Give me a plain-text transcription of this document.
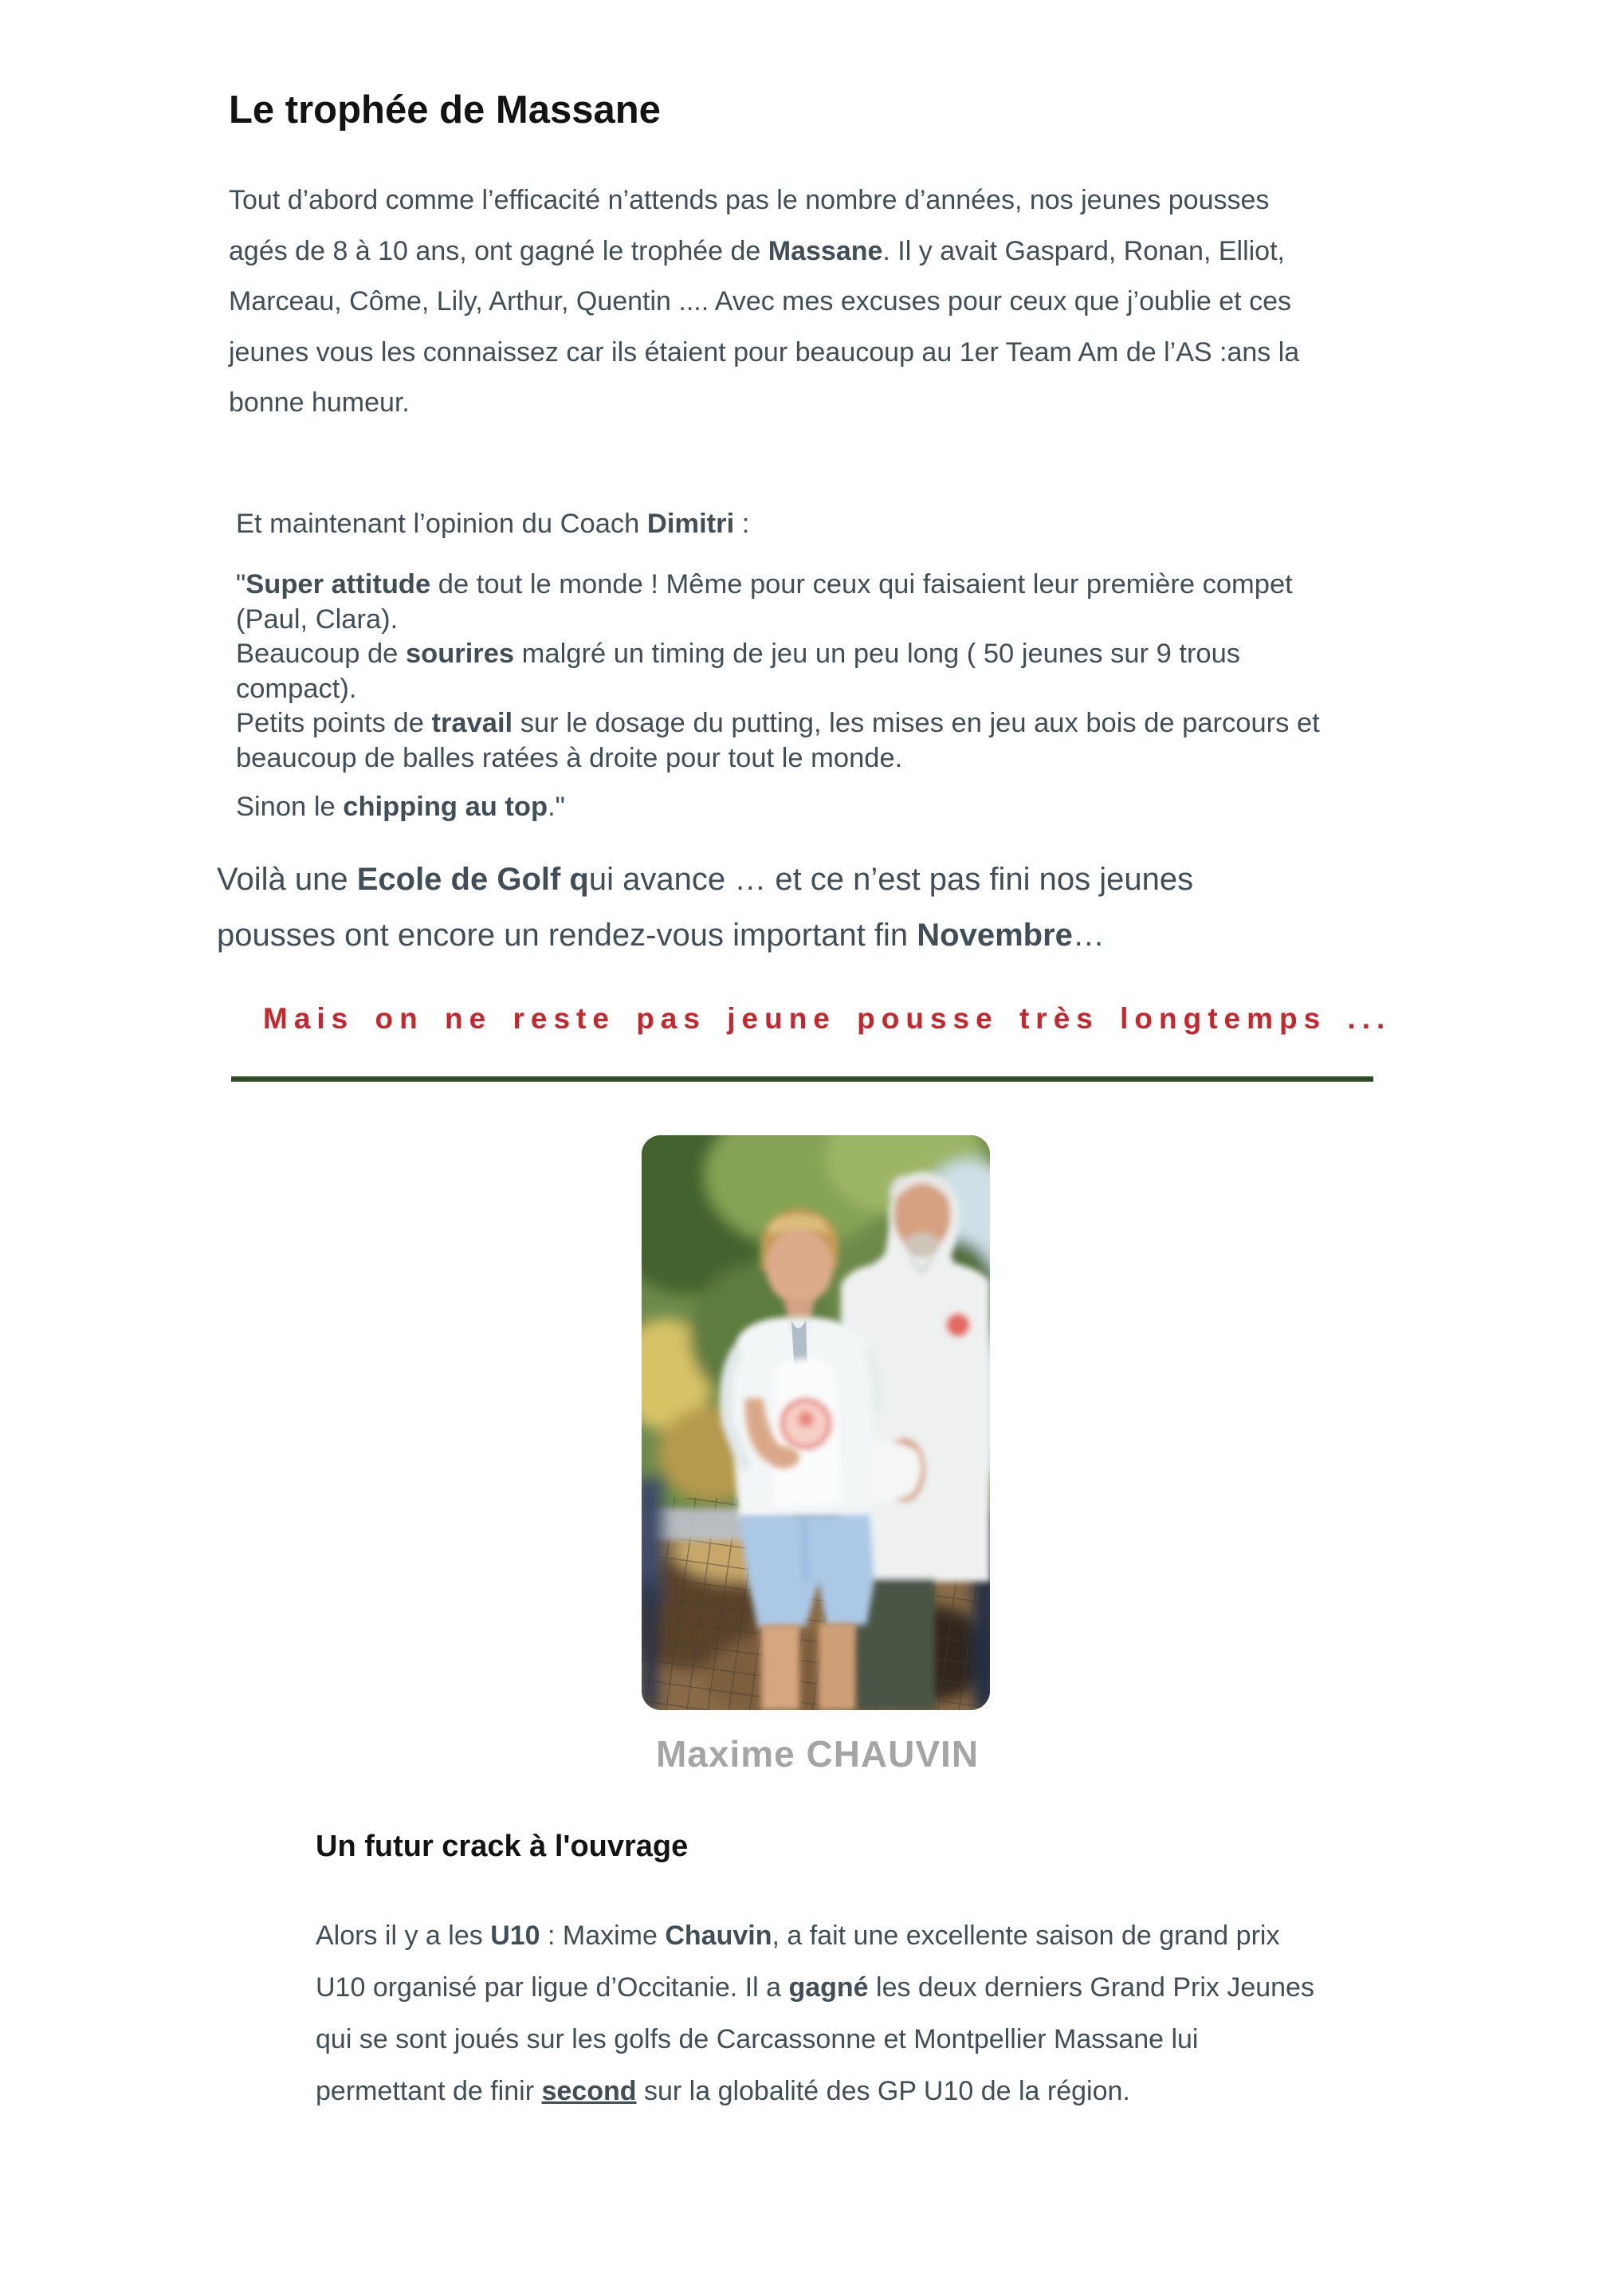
Le trophée de Massane

Tout d’abord comme l’efficacité n’attends pas le nombre d’années, nos jeunes pousses
agés de 8 à 10 ans, ont gagné le trophée de Massane. Il y avait Gaspard, Ronan, Elliot,
Marceau, Côme, Lily, Arthur, Quentin .... Avec mes excuses pour ceux que j’oublie et ces
jeunes vous les connaissez car ils étaient pour beaucoup au 1er Team Am de l’AS :ans la
bonne humeur.

Et maintenant l’opinion du Coach Dimitri :

"Super attitude de tout le monde ! Même pour ceux qui faisaient leur première compet
(Paul, Clara).
Beaucoup de sourires malgré un timing de jeu un peu long ( 50 jeunes sur 9 trous
compact).
Petits points de travail sur le dosage du putting, les mises en jeu aux bois de parcours et
beaucoup de balles ratées à droite pour tout le monde.

Sinon le chipping au top."

Voilà une Ecole de Golf qui avance … et ce n’est pas fini nos jeunes
pousses ont encore un rendez-vous important fin Novembre…

Mais on ne reste pas jeune pousse très longtemps ...
Maxime CHAUVIN
Un futur crack à l'ouvrage

Alors il y a les U10 : Maxime Chauvin, a fait une excellente saison de grand prix
U10 organisé par ligue d’Occitanie. Il a gagné les deux derniers Grand Prix Jeunes
qui se sont joués sur les golfs de Carcassonne et Montpellier Massane lui
permettant de finir second sur la globalité des GP U10 de la région.
